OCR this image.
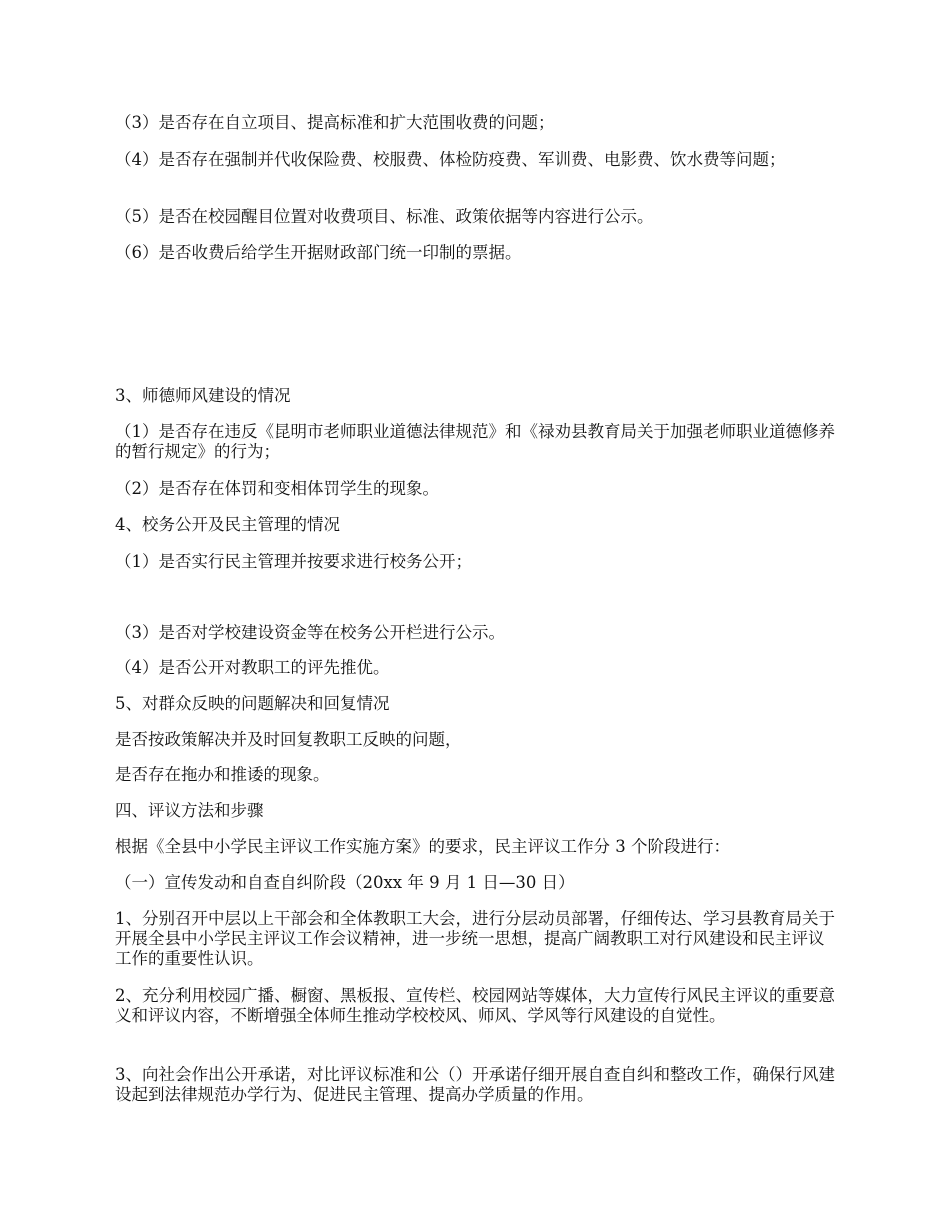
（3）是否存在自立项目、提高标准和扩大范围收费的问题；
（4）是否存在强制并代收保险费、校服费、体检防疫费、军训费、电影费、饮水费等问题；
（5）是否在校园醒目位置对收费项目、标准、政策依据等内容进行公示。
（6）是否收费后给学生开据财政部门统一印制的票据。
3、师德师风建设的情况
（1）是否存在违反《昆明市老师职业道德法律规范》和《禄劝县教育局关于加强老师职业道德修养的暂行规定》的行为；
（2）是否存在体罚和变相体罚学生的现象。
4、校务公开及民主管理的情况
（1）是否实行民主管理并按要求进行校务公开；
（3）是否对学校建设资金等在校务公开栏进行公示。
（4）是否公开对教职工的评先推优。
5、对群众反映的问题解决和回复情况
是否按政策解决并及时回复教职工反映的问题，
是否存在拖办和推诿的现象。
四、评议方法和步骤
根据《全县中小学民主评议工作实施方案》的要求，民主评议工作分 3 个阶段进行：
（一）宣传发动和自查自纠阶段（20xx 年 9 月 1 日—30 日）
1、分别召开中层以上干部会和全体教职工大会，进行分层动员部署，仔细传达、学习县教育局关于开展全县中小学民主评议工作会议精神，进一步统一思想，提高广阔教职工对行风建设和民主评议工作的重要性认识。
2、充分利用校园广播、橱窗、黑板报、宣传栏、校园网站等媒体，大力宣传行风民主评议的重要意义和评议内容，不断增强全体师生推动学校校风、师风、学风等行风建设的自觉性。
3、向社会作出公开承诺，对比评议标准和公（）开承诺仔细开展自查自纠和整改工作，确保行风建设起到法律规范办学行为、促进民主管理、提高办学质量的作用。
